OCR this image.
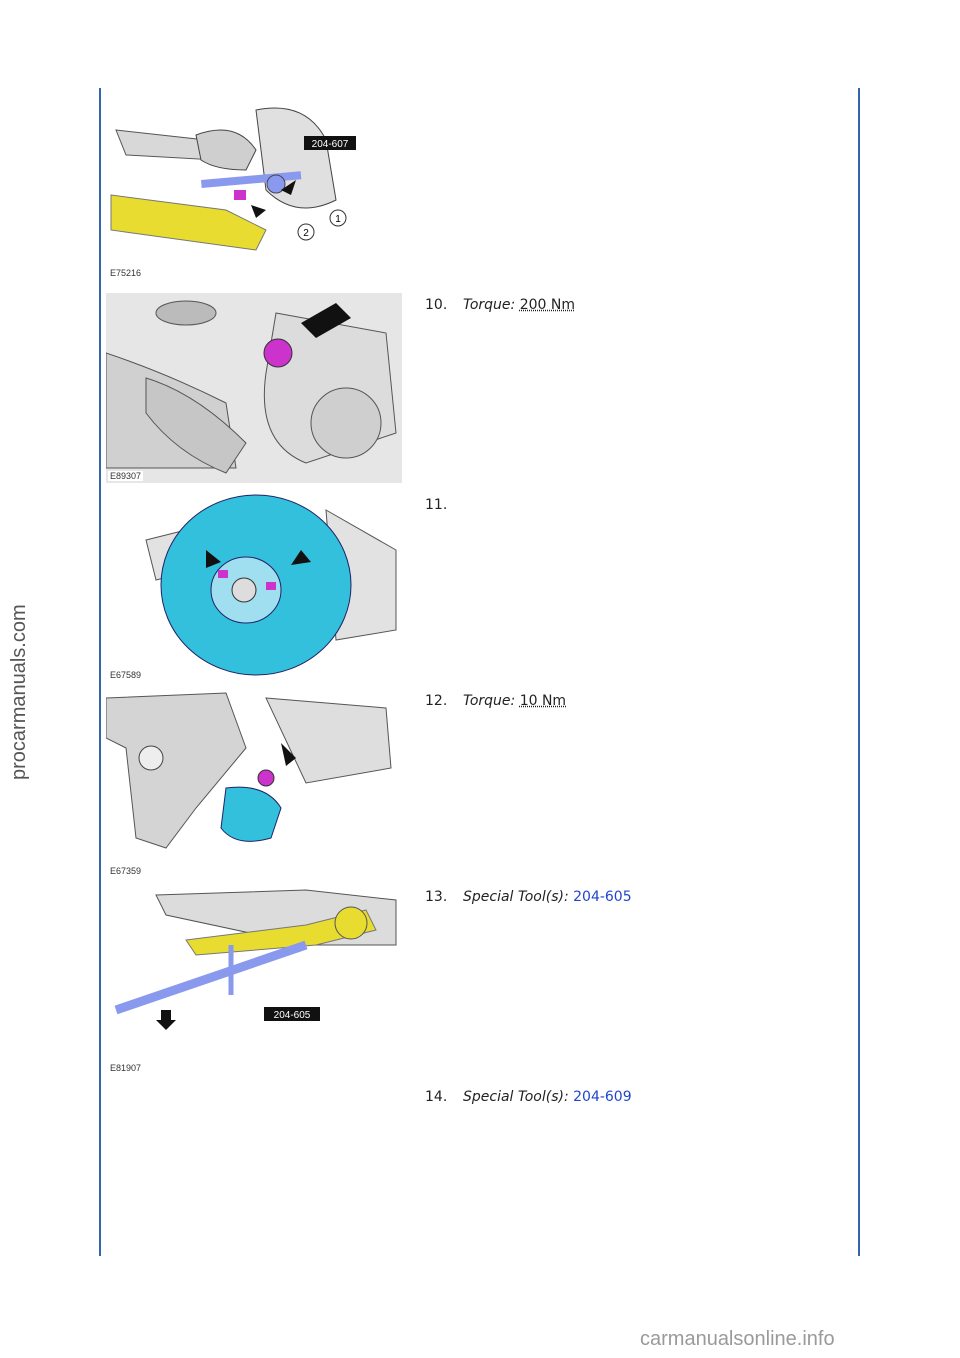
procarmanuals.com
carmanualsonline.info
204-607
1
2
E75216
E89307
E67589
E67359
204-605
E81907
10. Torque: 200 Nm
11.
12. Torque: 10 Nm
13. Special Tool(s): 204-605
14. Special Tool(s): 204-609
